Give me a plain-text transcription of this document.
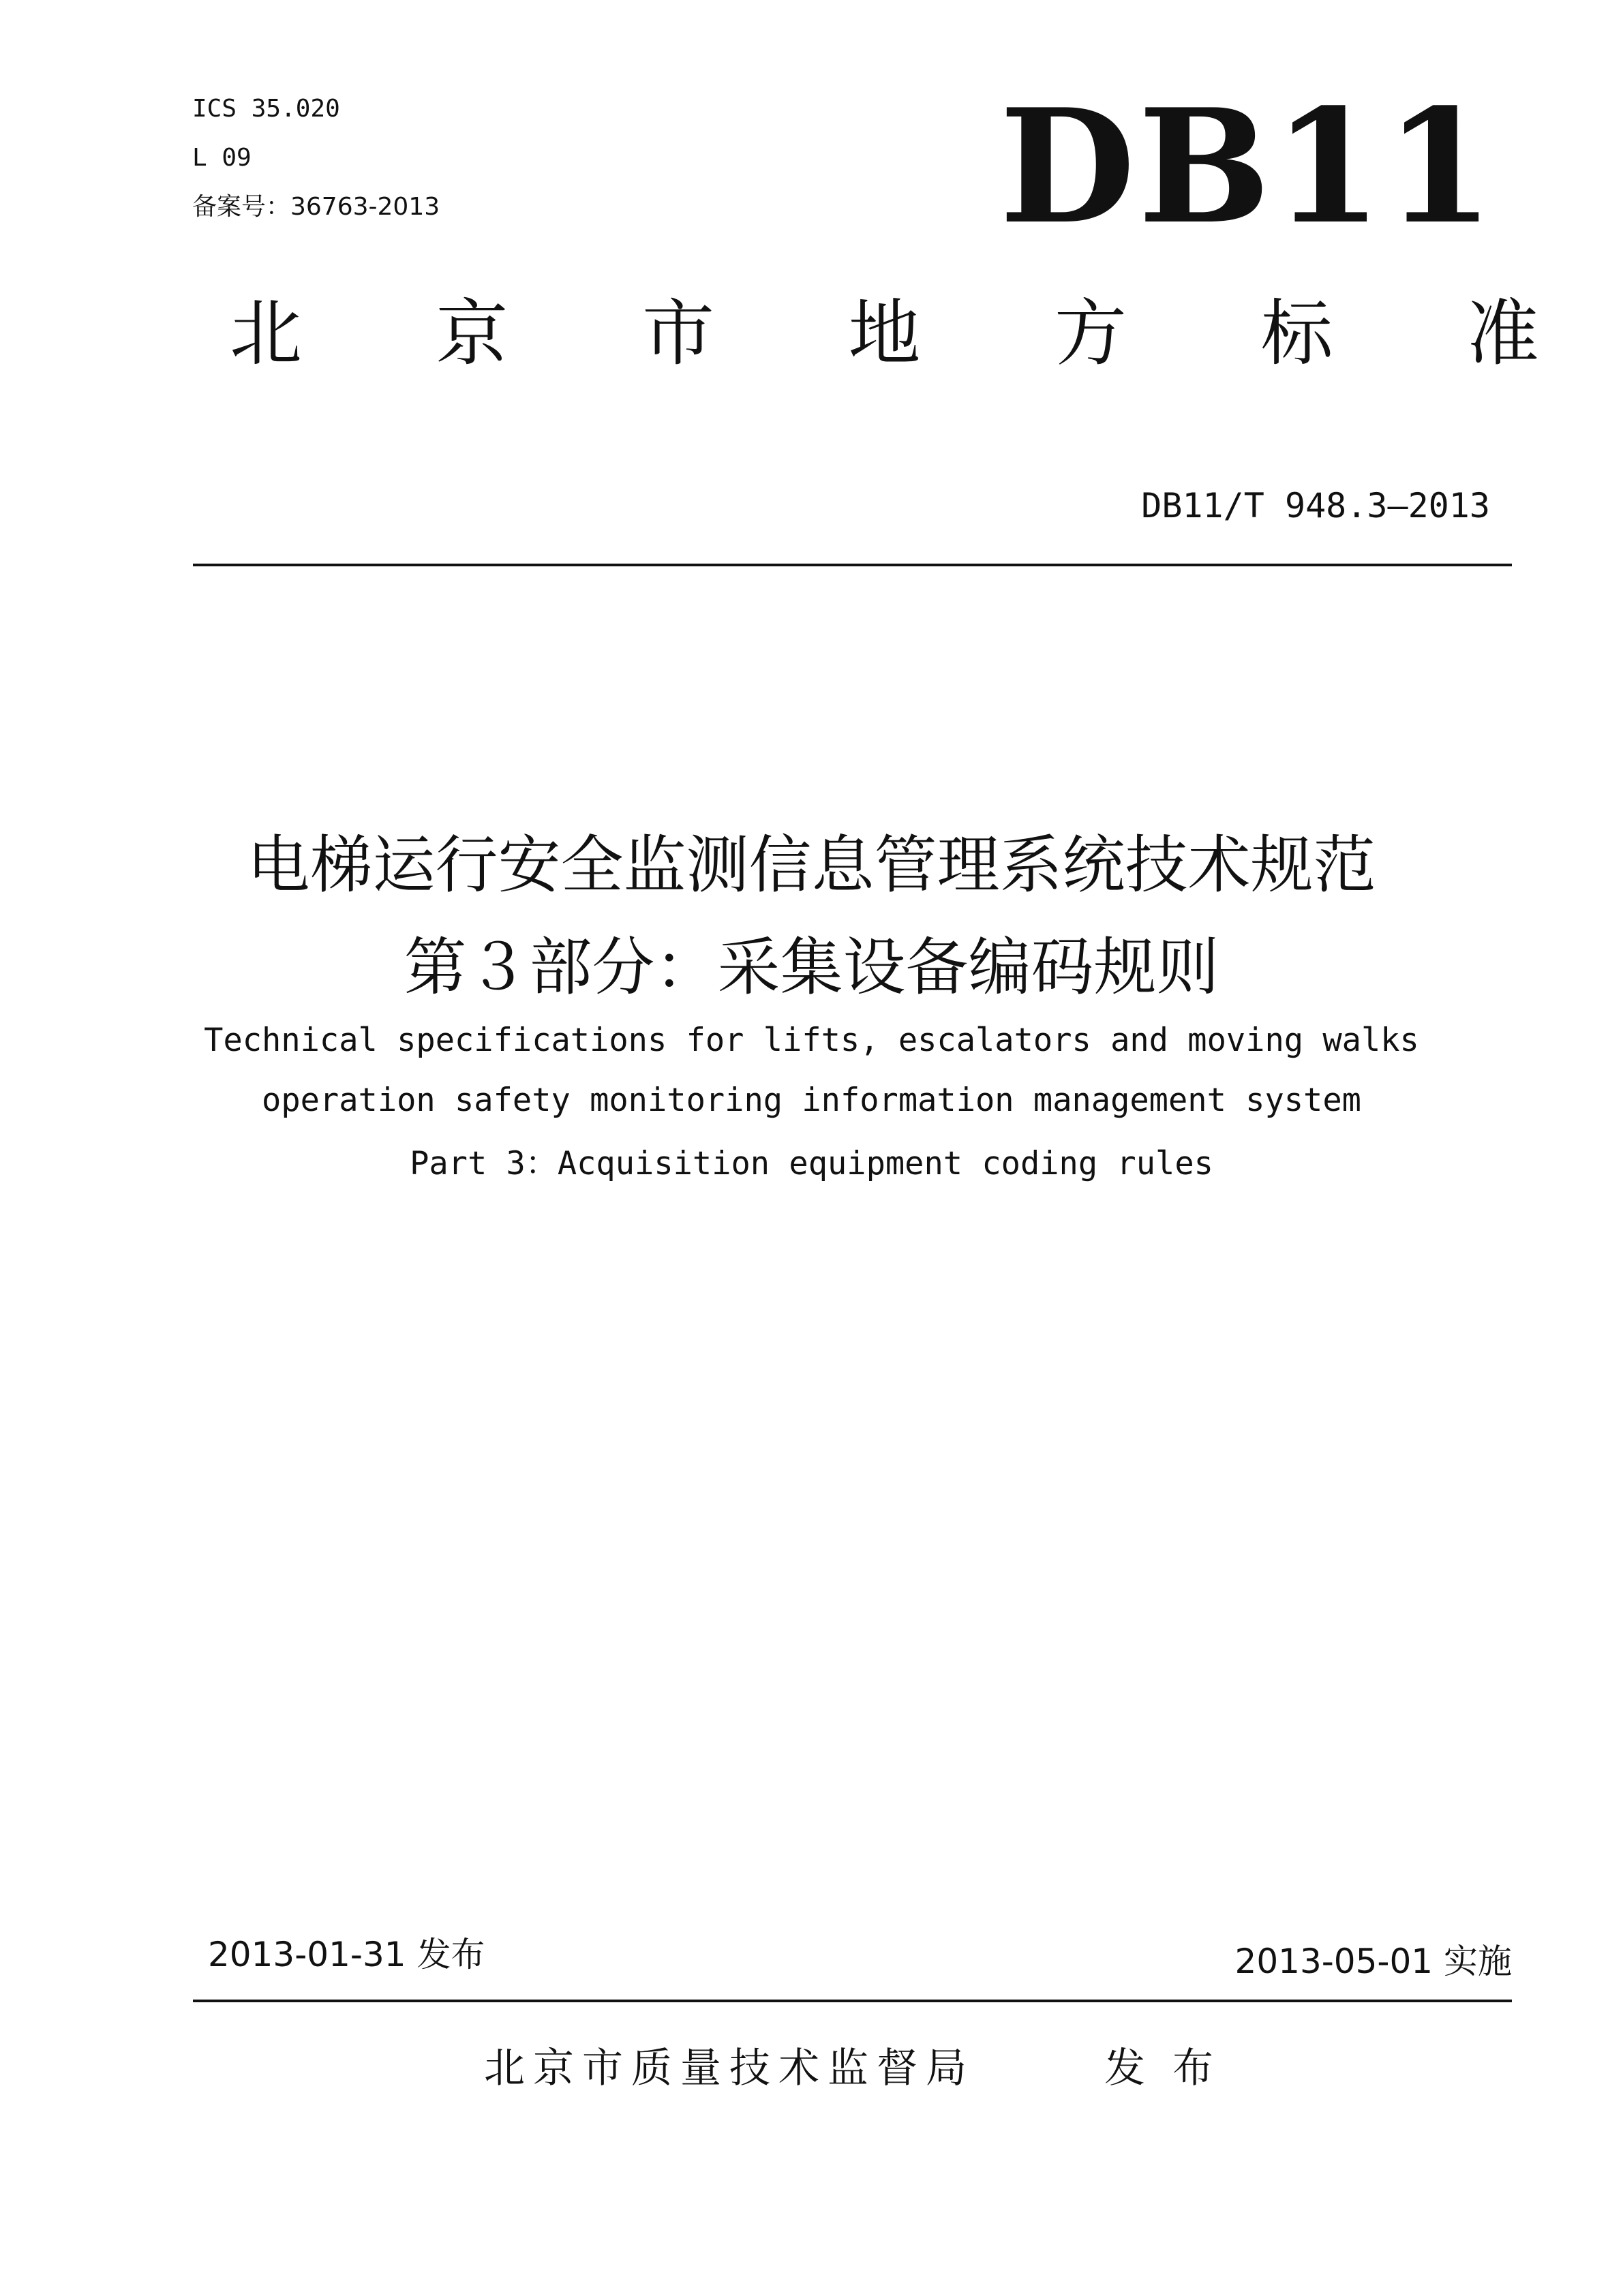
ICS 35.020
L 09
备案号：36763-2013	DB11
北 京 市 地 方 标 准
DB11/T 948.3—2013
电梯运行安全监测信息管理系统技术规范
第３部分：采集设备编码规则
Technical specifications for lifts, escalators and moving walks
operation safety monitoring information management system
Part 3：Acquisition equipment coding rules
2013-01-31 发布	2013-05-01 实施
北京市质量技术监督局	发布
